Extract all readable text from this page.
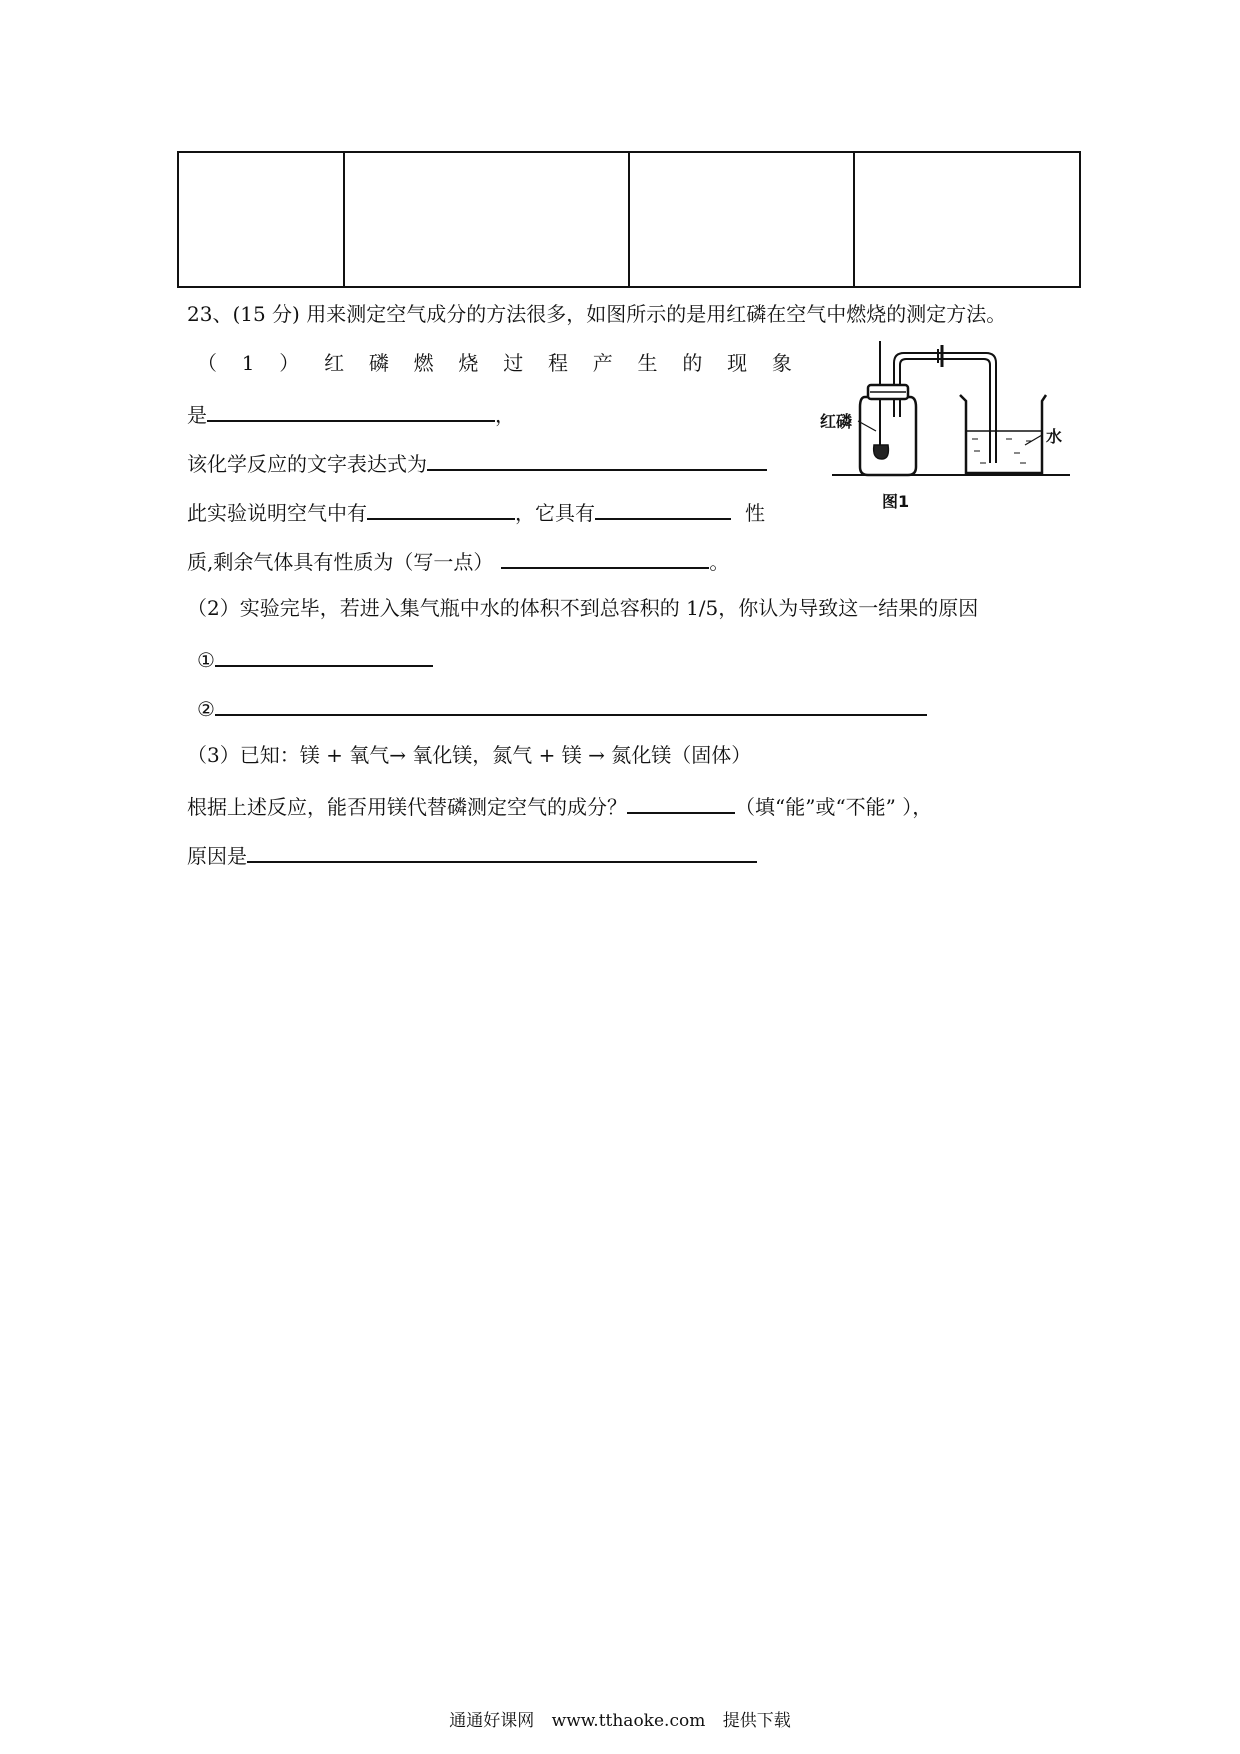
23、(15 分) 用来测定空气成分的方法很多，如图所示的是用红磷在空气中燃烧的测定方法。
（ 1 ） 红 磷 燃 烧 过 程 产 生 的 现 象
是	，
该化学反应的文字表达式为
此实验说明空气中有	，它具有	性
质,剩余气体具有性质为（写一点）	。
（2）实验完毕，若进入集气瓶中水的体积不到总容积的 1/5，你认为导致这一结果的原因
①
②
（3）已知：镁 + 氧气→ 氧化镁，氮气 + 镁 → 氮化镁（固体）
根据上述反应，能否用镁代替磷测定空气的成分？	（填“能”或“不能” ），
原因是
红磷
水
图1
通通好课网 www.tthaoke.com 提供下载
